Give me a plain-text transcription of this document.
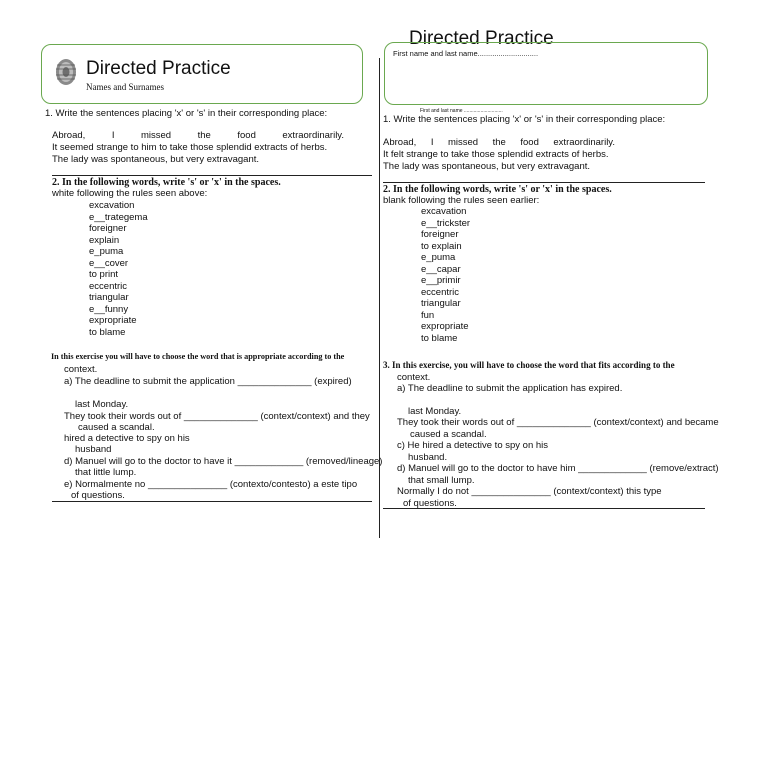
Directed Practice
Names and Surnames
1. Write the sentences placing 'x' or 's' in their corresponding place:
Abroad,	I	missed	the	food	extraordinarily.
It seemed strange to him to take those splendid extracts of herbs.
The lady was spontaneous, but very extravagant.
2. In the following words, write 's' or 'x' in the spaces.
white following the rules seen above:
excavation
e__trategema
foreigner
explain
e_puma
e__cover
to print
eccentric
triangular
e__funny
expropriate
to blame
In this exercise you will have to choose the word that is appropriate according to the
context.
a) The deadline to submit the application ______________ (expired)
last Monday.
They took their words out of ______________ (context/context) and they
caused a scandal.
hired a detective to spy on his
husband
d) Manuel will go to the doctor to have it _____________ (removed/lineage)
that little lump.
e) Normalmente no _______________ (contexto/contesto) a este tipo
of questions.
Directed Practice
First name and last name.............................
First and last name ............................
1. Write the sentences placing 'x' or 's' in their corresponding place:
Abroad, I missed the food extraordinarily.
It felt strange to take those splendid extracts of herbs.
The lady was spontaneous, but very extravagant.
2. In the following words, write 's' or 'x' in the spaces.
blank following the rules seen earlier:
excavation
e__trickster
foreigner
to explain
e_puma
e__capar
e__primir
eccentric
triangular
fun
expropriate
to blame
3. In this exercise, you will have to choose the word that fits according to the
context.
a) The deadline to submit the application has expired.
last Monday.
They took their words out of ______________ (context/context) and became
caused a scandal.
c) He hired a detective to spy on his
husband.
d) Manuel will go to the doctor to have him _____________ (remove/extract)
that small lump.
Normally I do not _______________ (context/context) this type
of questions.
